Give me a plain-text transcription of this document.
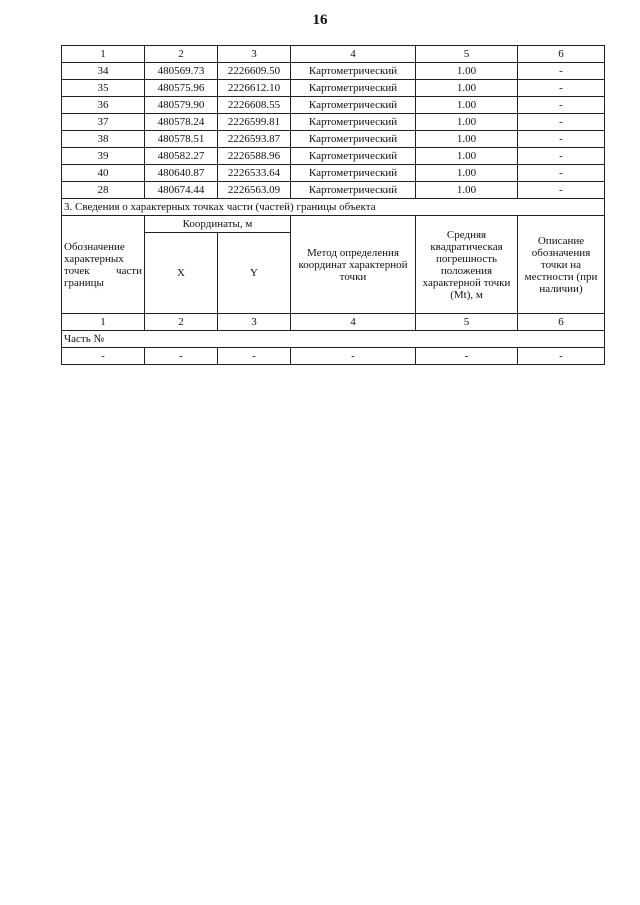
16
1	2	3	4	5	6
34	480569.73	2226609.50	Картометрический	1.00	-
35	480575.96	2226612.10	Картометрический	1.00	-
36	480579.90	2226608.55	Картометрический	1.00	-
37	480578.24	2226599.81	Картометрический	1.00	-
38	480578.51	2226593.87	Картометрический	1.00	-
39	480582.27	2226588.96	Картометрический	1.00	-
40	480640.87	2226533.64	Картометрический	1.00	-
28	480674.44	2226563.09	Картометрический	1.00	-
3. Сведения о характерных точках части (частей) границы объекта					
Обозначение характерных точек части границы	Координаты, м		Метод определения координат характерной точки	Средняя квадратическая погрешность положения характерной точки (Mt), м	Описание обозначения точки на местности (при наличии)
	X	Y			
1	2	3	4	5	6
Часть №					
-	-	-	-	-	-
